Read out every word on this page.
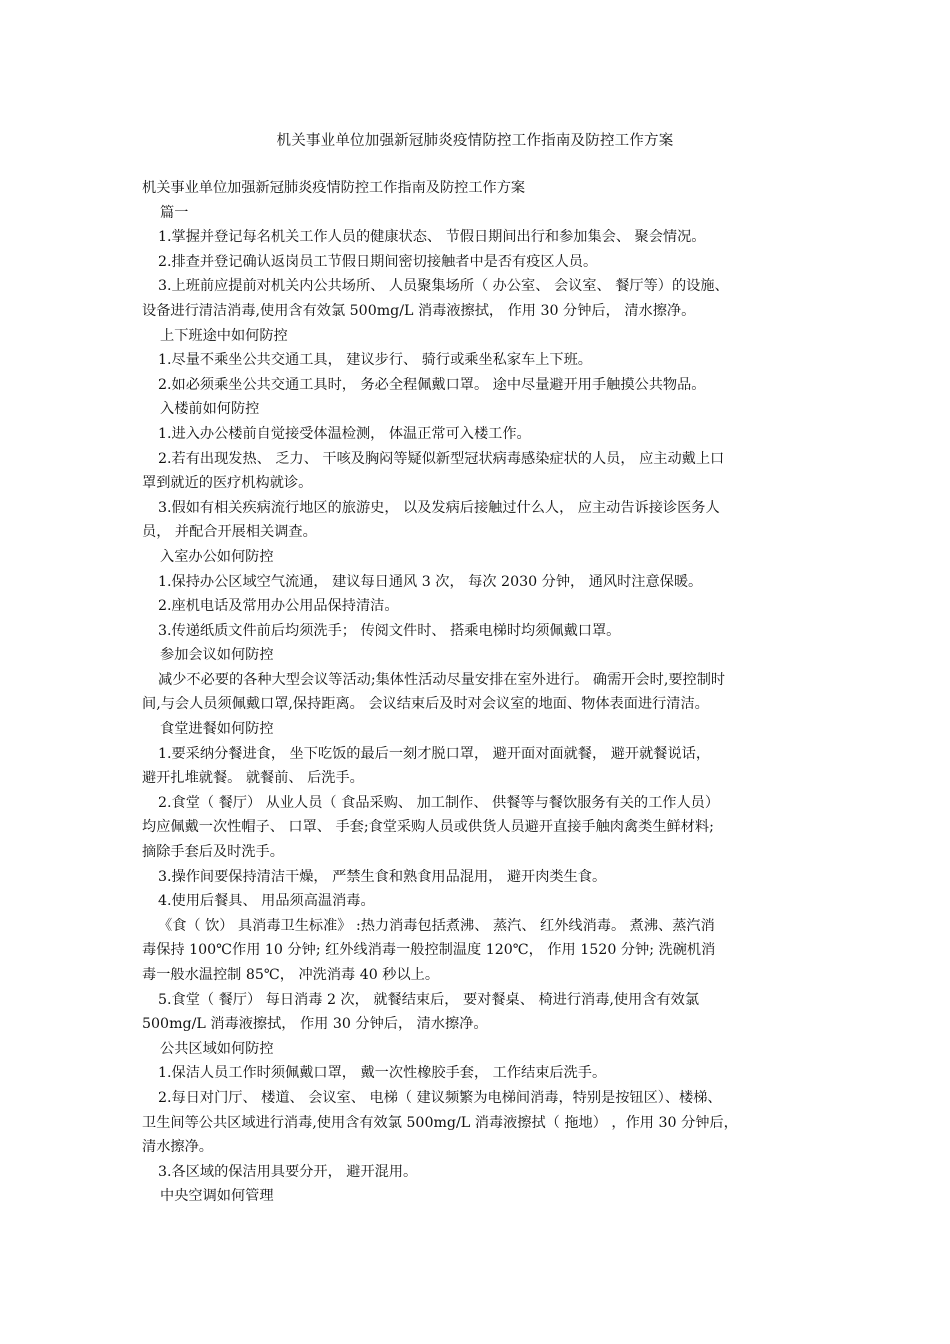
机关事业单位加强新冠肺炎疫情防控工作指南及防控工作方案

机关事业单位加强新冠肺炎疫情防控工作指南及防控工作方案

篇一

1.掌握并登记每名机关工作人员的健康状态、 节假日期间出行和参加集会、 聚会情况。

2.排查并登记确认返岗员工节假日期间密切接触者中是否有疫区人员。

3.上班前应提前对机关内公共场所、 人员聚集场所（ 办公室、 会议室、 餐厅等）的设施、

设备进行清洁消毒,使用含有效氯 500mg/L 消毒液擦拭， 作用 30 分钟后， 清水擦净。

上下班途中如何防控

1.尽量不乘坐公共交通工具， 建议步行、 骑行或乘坐私家车上下班。

2.如必须乘坐公共交通工具时， 务必全程佩戴口罩。 途中尽量避开用手触摸公共物品。

入楼前如何防控

1.进入办公楼前自觉接受体温检测， 体温正常可入楼工作。

2.若有出现发热、 乏力、 干咳及胸闷等疑似新型冠状病毒感染症状的人员， 应主动戴上口

罩到就近的医疗机构就诊。

3.假如有相关疾病流行地区的旅游史， 以及发病后接触过什么人， 应主动告诉接诊医务人

员， 并配合开展相关调查。

入室办公如何防控

1.保持办公区域空气流通， 建议每日通风 3 次， 每次 2030 分钟， 通风时注意保暖。

2.座机电话及常用办公用品保持清洁。

3.传递纸质文件前后均须洗手； 传阅文件时、 搭乘电梯时均须佩戴口罩。

参加会议如何防控

减少不必要的各种大型会议等活动;集体性活动尽量安排在室外进行。 确需开会时,要控制时

间,与会人员须佩戴口罩,保持距离。 会议结束后及时对会议室的地面、物体表面进行清洁。

食堂进餐如何防控

1.要采纳分餐进食， 坐下吃饭的最后一刻才脱口罩， 避开面对面就餐， 避开就餐说话，

避开扎堆就餐。 就餐前、 后洗手。

2.食堂（ 餐厅） 从业人员（ 食品采购、 加工制作、 供餐等与餐饮服务有关的工作人员）

均应佩戴一次性帽子、 口罩、 手套;食堂采购人员或供货人员避开直接手触肉禽类生鲜材料;

摘除手套后及时洗手。

3.操作间要保持清洁干燥， 严禁生食和熟食用品混用， 避开肉类生食。

4.使用后餐具、 用品须高温消毒。

《食（ 饮） 具消毒卫生标准》 :热力消毒包括煮沸、 蒸汽、 红外线消毒。 煮沸、蒸汽消

毒保持 100℃作用 10 分钟; 红外线消毒一般控制温度 120℃， 作用 1520 分钟; 洗碗机消

毒一般水温控制 85℃， 冲洗消毒 40 秒以上。

5.食堂（ 餐厅） 每日消毒 2 次， 就餐结束后， 要对餐桌、 椅进行消毒,使用含有效氯

500mg/L 消毒液擦拭， 作用 30 分钟后， 清水擦净。

公共区域如何防控

1.保洁人员工作时须佩戴口罩， 戴一次性橡胶手套， 工作结束后洗手。

2.每日对门厅、 楼道、 会议室、 电梯（ 建议频繁为电梯间消毒，特别是按钮区）、楼梯、

卫生间等公共区域进行消毒,使用含有效氯 500mg/L 消毒液擦拭（ 拖地） ，作用 30 分钟后，

清水擦净。

3.各区域的保洁用具要分开， 避开混用。

中央空调如何管理
